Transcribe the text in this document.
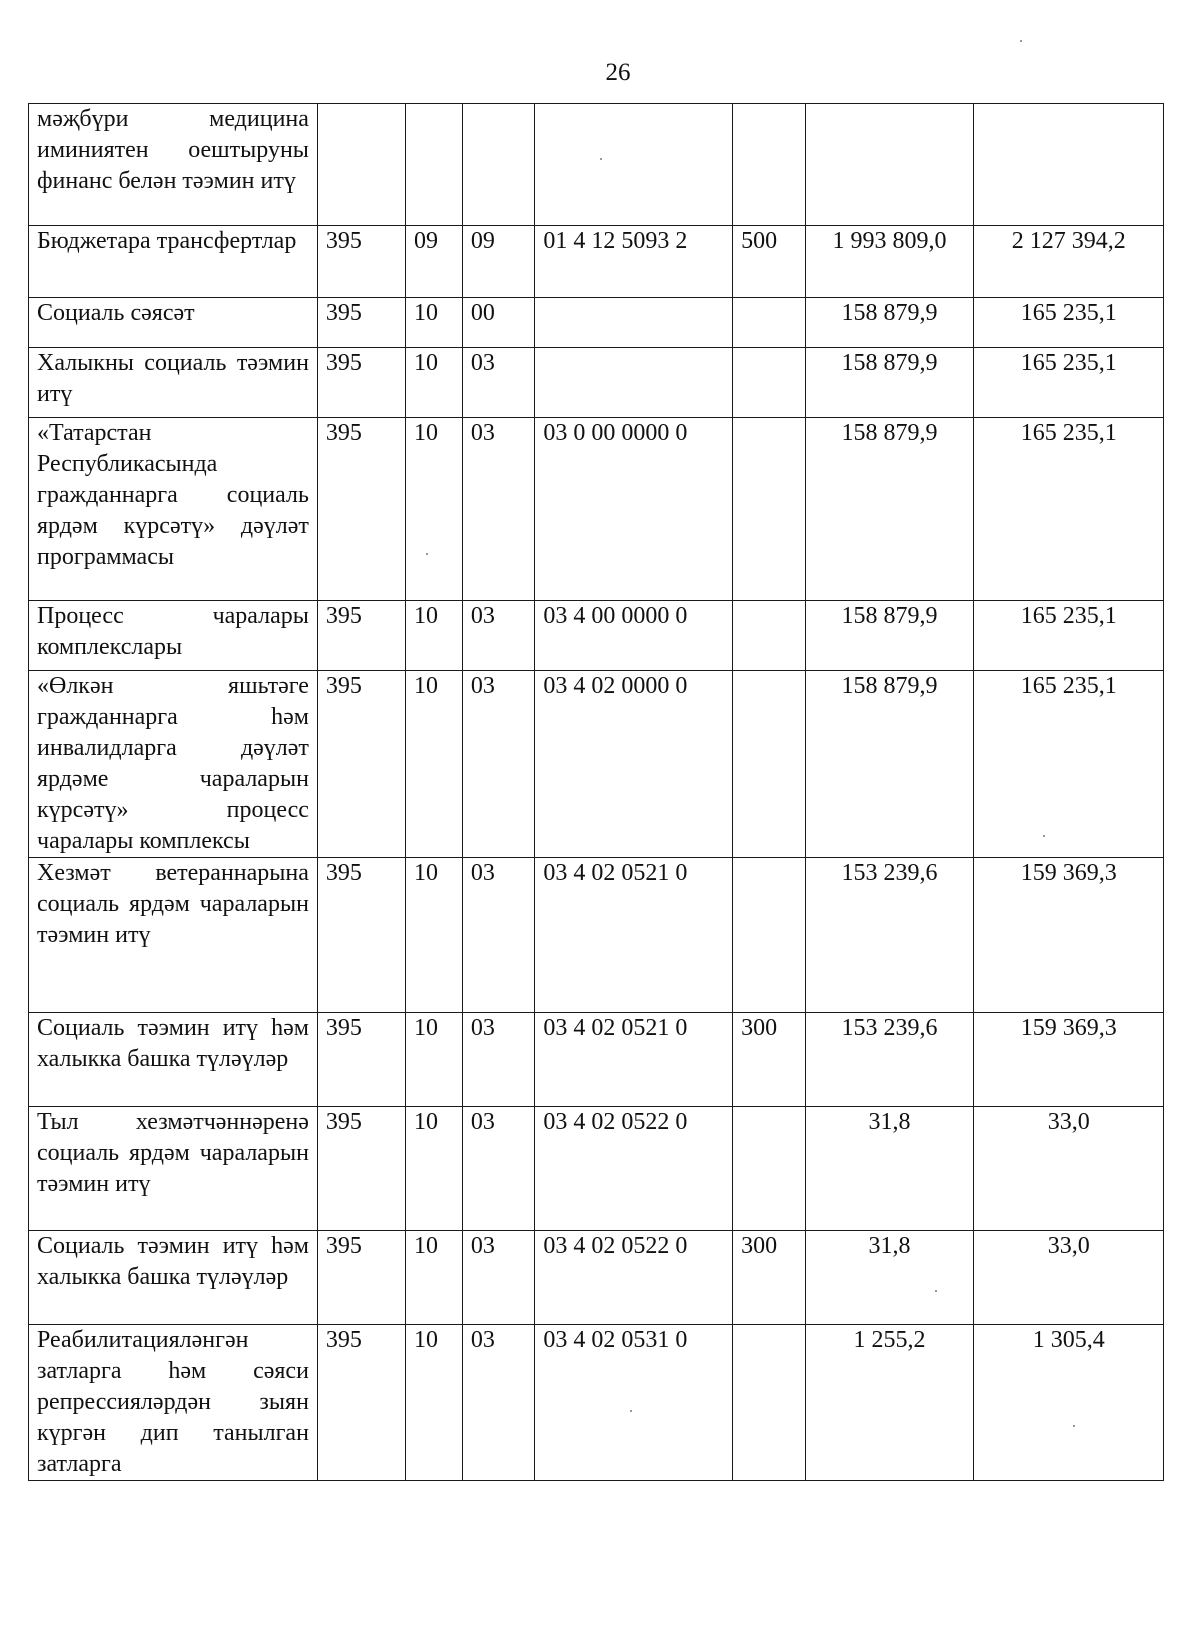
26
мәҗбүри медицина иминиятен оештыруны финанс белән тәэмин итү							
Бюджетара трансфертлар	395	09	09	01 4 12 5093 2	500	1 993 809,0	2 127 394,2
Социаль сәясәт	395	10	00			158 879,9	165 235,1
Халыкны социаль тәэмин итү	395	10	03			158 879,9	165 235,1
«Татарстан Республикасында гражданнарга социаль ярдәм күрсәтү» дәүләт программасы	395	10	03	03 0 00 0000 0		158 879,9	165 235,1
Процесс чаралары комплекслары	395	10	03	03 4 00 0000 0		158 879,9	165 235,1
«Өлкән яшьтәге гражданнарга һәм инвалидларга дәүләт ярдәме чараларын күрсәтү» процесс чаралары комплексы	395	10	03	03 4 02 0000 0		158 879,9	165 235,1
Хезмәт ветераннарына социаль ярдәм чараларын тәэмин итү	395	10	03	03 4 02 0521 0		153 239,6	159 369,3
Социаль тәэмин итү һәм халыкка башка түләүләр	395	10	03	03 4 02 0521 0	300	153 239,6	159 369,3
Тыл хезмәтчәннәренә социаль ярдәм чараларын тәэмин итү	395	10	03	03 4 02 0522 0		31,8	33,0
Социаль тәэмин итү һәм халыкка башка түләүләр	395	10	03	03 4 02 0522 0	300	31,8	33,0
Реабилитацияләнгән затларга һәм сәяси репрессияләрдән зыян күргән дип танылган затларга	395	10	03	03 4 02 0531 0		1 255,2	1 305,4
